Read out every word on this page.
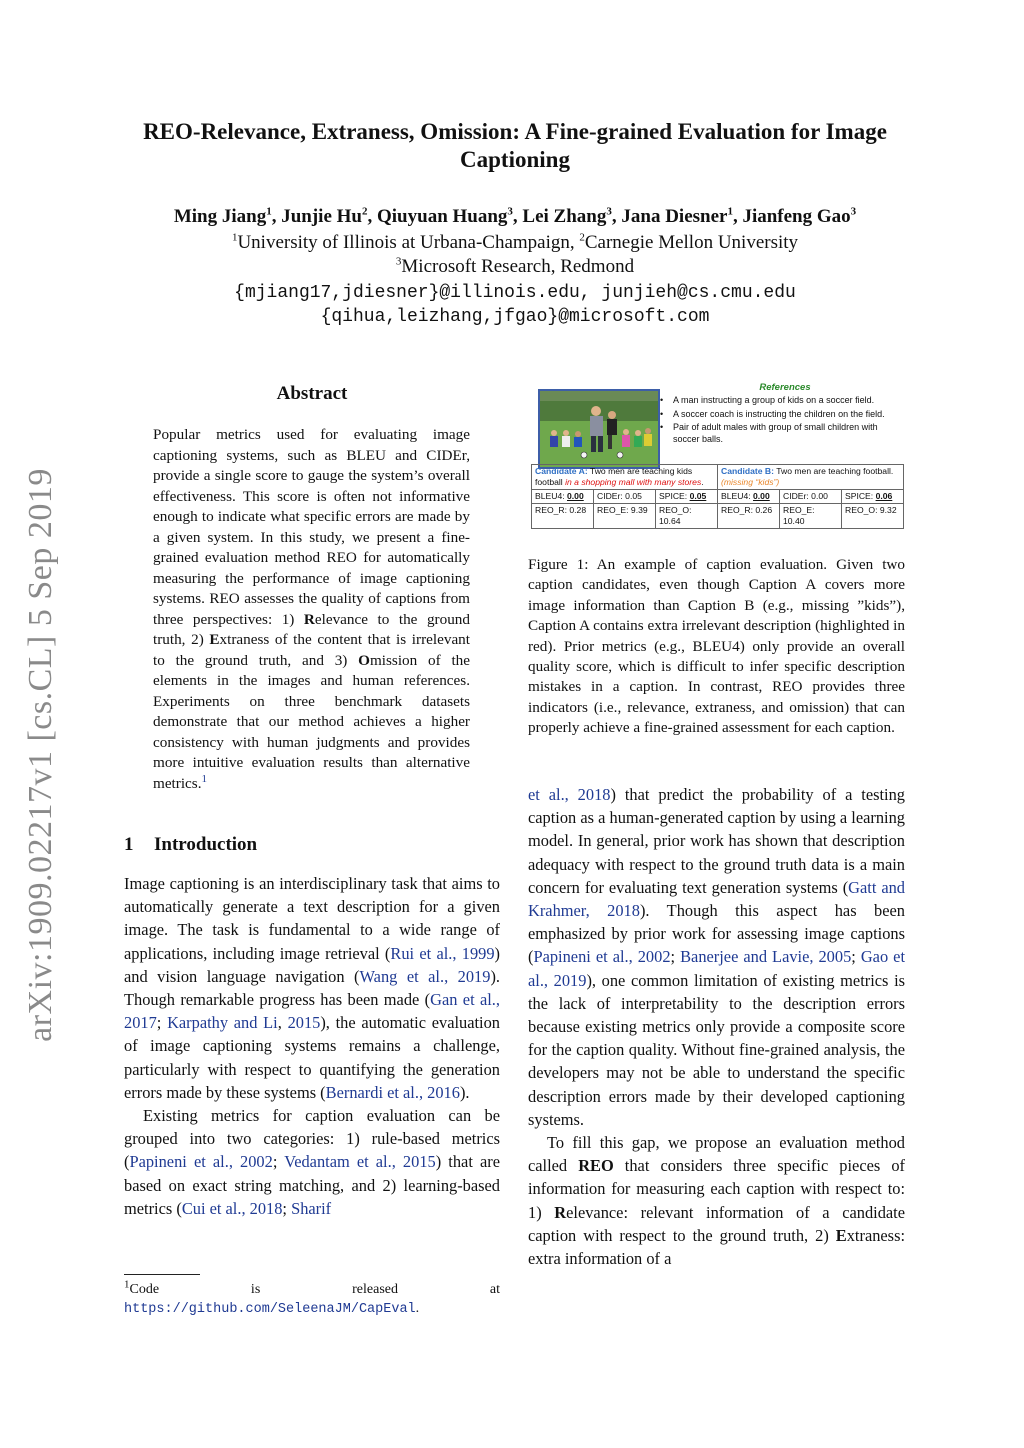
arXiv:1909.02217v1 [cs.CL] 5 Sep 2019
REO-Relevance, Extraness, Omission: A Fine-grained Evaluation for Image Captioning
Ming Jiang$^1$, Junjie Hu$^2$, Qiuyuan Huang$^3$, Lei Zhang$^3$, Jana Diesner$^1$, Jianfeng Gao$^3$
$^1$University of Illinois at Urbana-Champaign, $^2$Carnegie Mellon University
$^3$Microsoft Research, Redmond
{mjiang17,jdiesner}@illinois.edu, junjieh@cs.cmu.edu
{qihua,leizhang,jfgao}@microsoft.com
Abstract
Popular metrics used for evaluating image captioning systems, such as BLEU and CIDEr, provide a single score to gauge the system’s overall effectiveness. This score is often not informative enough to indicate what specific errors are made by a given system. In this study, we present a fine-grained evaluation method REO for automatically measuring the performance of image captioning systems. REO assesses the quality of captions from three perspectives: 1) Relevance to the ground truth, 2) Extraness of the content that is irrelevant to the ground truth, and 3) Omission of the elements in the images and human references. Experiments on three benchmark datasets demonstrate that our method achieves a higher consistency with human judgments and provides more intuitive evaluation results than alternative metrics.$^1$
1 Introduction

Image captioning is an interdisciplinary task that aims to automatically generate a text description for a given image. The task is fundamental to a wide range of applications, including image retrieval (Rui et al., 1999) and vision language navigation (Wang et al., 2019). Though remarkable progress has been made (Gan et al., 2017; Karpathy and Li, 2015), the automatic evaluation of image captioning systems remains a challenge, particularly with respect to quantifying the generation errors made by these systems (Bernardi et al., 2016).

Existing metrics for caption evaluation can be grouped into two categories: 1) rule-based metrics (Papineni et al., 2002; Vedantam et al., 2015) that are based on exact string matching, and 2) learning-based metrics (Cui et al., 2018; Sharif

$^1$Code is released at https://github.com/SeleenaJM/CapEval.
References
• A man instructing a group of kids on a soccer field.
• A soccer coach is instructing the children on the field.
• Pair of adult males with group of small children with soccer balls.
Candidate A: Two men are teaching kids football in a shopping mall with many stores.			Candidate B: Two men are teaching football. (missing “kids”)		
BLEU4: 0.00	CIDEr: 0.05	SPICE: 0.05	BLEU4: 0.00	CIDEr: 0.00	SPICE: 0.06
REO_R: 0.28	REO_E: 9.39	REO_O: 10.64	REO_R: 0.26	REO_E: 10.40	REO_O: 9.32
Figure 1: An example of caption evaluation. Given two caption candidates, even though Caption A covers more image information than Caption B (e.g., missing ”kids”), Caption A contains extra irrelevant description (highlighted in red). Prior metrics (e.g., BLEU4) only provide an overall quality score, which is difficult to infer specific description mistakes in a caption. In contrast, REO provides three indicators (i.e., relevance, extraness, and omission) that can properly achieve a fine-grained assessment for each caption.

et al., 2018) that predict the probability of a testing caption as a human-generated caption by using a learning model. In general, prior work has shown that description adequacy with respect to the ground truth data is a main concern for evaluating text generation systems (Gatt and Krahmer, 2018). Though this aspect has been emphasized by prior work for assessing image captions (Papineni et al., 2002; Banerjee and Lavie, 2005; Gao et al., 2019), one common limitation of existing metrics is the lack of interpretability to the description errors because existing metrics only provide a composite score for the caption quality. Without fine-grained analysis, the developers may not be able to understand the specific description errors made by their developed captioning systems.

To fill this gap, we propose an evaluation method called REO that considers three specific pieces of information for measuring each caption with respect to: 1) Relevance: relevant information of a candidate caption with respect to the ground truth, 2) Extraness: extra information of a
